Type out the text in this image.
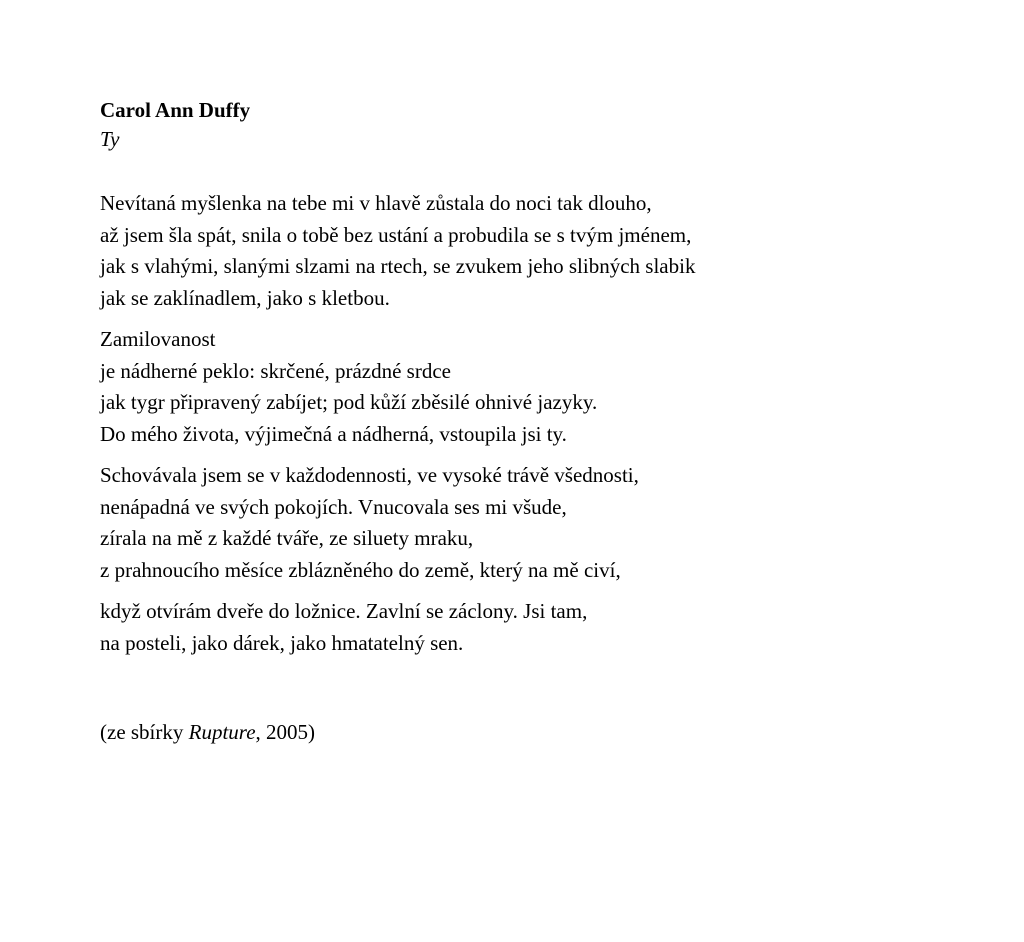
Carol Ann Duffy

Ty

Nevítaná myšlenka na tebe mi v hlavě zůstala do noci tak dlouho,
až jsem šla spát, snila o tobě bez ustání a probudila se s tvým jménem,
jak s vlahými, slanými slzami na rtech, se zvukem jeho slibných slabik
jak se zaklínadlem, jako s kletbou.
Zamilovanost
je nádherné peklo: skrčené, prázdné srdce
jak tygr připravený zabíjet; pod kůží zběsilé ohnivé jazyky.
Do mého života, výjimečná a nádherná, vstoupila jsi ty.
Schovávala jsem se v každodennosti, ve vysoké trávě všednosti,
nenápadná ve svých pokojích. Vnucovala ses mi všude,
zírala na mě z každé tváře, ze siluety mraku,
z prahnoucího měsíce zblázněného do země, který na mě civí,
když otvírám dveře do ložnice. Zavlní se záclony. Jsi tam,
na posteli, jako dárek, jako hmatatelný sen.
(ze sbírky Rupture, 2005)
